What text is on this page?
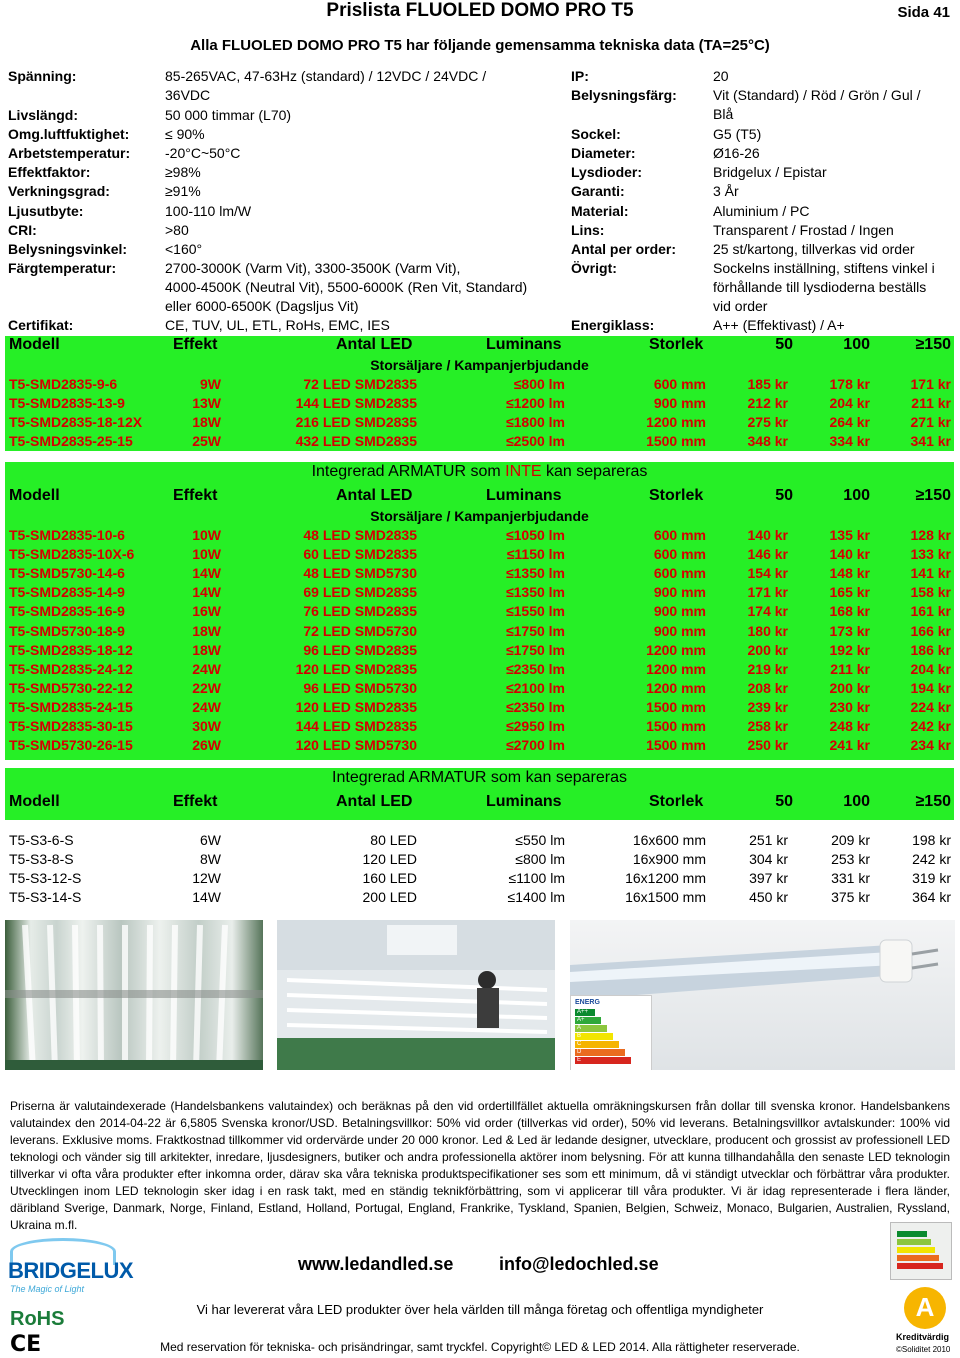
Prislista FLUOLED DOMO PRO T5	Sida 41
Alla FLUOLED DOMO PRO T5 har följande gemensamma tekniska data (TA=25°C)
Spänning:	85-265VAC, 47-63Hz (standard) / 12VDC / 24VDC /
36VDC
Livslängd:	50 000 timmar (L70)
Omg.luftfuktighet:	≤ 90%
Arbetstemperatur: -20°C~50°C
Effektfaktor:	≥98%
Verkningsgrad:	≥91%
Ljusutbyte:	100-110 lm/W
CRI:	>80
Belysningsvinkel:	<160°
Färgtemperatur:	2700-3000K (Varm Vit), 3300-3500K (Varm Vit),
4000-4500K (Neutral Vit), 5500-6000K (Ren Vit, Standard)
eller 6000-6500K (Dagsljus Vit)
Certifikat:	CE, TUV, UL, ETL, RoHs, EMC, IES
IP:	20
Belysningsfärg:	Vit (Standard) / Röd / Grön / Gul /
Blå
Sockel:	G5 (T5)
Diameter:	Ø16-26
Lysdioder:	Bridgelux / Epistar
Garanti:	3 År
Material:	Aluminium / PC
Lins:	Transparent / Frostad / Ingen
Antal per order:	25 st/kartong, tillverkas vid order
Övrigt:	Sockelns inställning, stiftens vinkel i
förhållande till lysdioderna beställs
vid order
Energiklass:	A++ (Effektivast) / A+
Modell	Effekt	Antal LED	Luminans	Storlek	50	100	≥ 150
Storsäljare / Kampanjerbjudande
T5-SMD2835-9-6	9W	72 LED SMD2835	≤ 800 lm	600 mm	185 kr	178 kr	171 kr
T5-SMD2835-13-9	13W	144 LED SMD2835	≤ 1200 lm	900 mm	212 kr	204 kr	211 kr
T5-SMD2835-18-12X	18W	216 LED SMD2835	≤ 1800 lm	1200 mm	275 kr	264 kr	271 kr
T5-SMD2835-25-15	25W	432 LED SMD2835	≤ 2500 lm	1500 mm	348 kr	334 kr	341 kr
Integrerad ARMATUR som INTE kan separeras
Modell	Effekt	Antal LED	Luminans	Storlek	50	100	≥ 150
Storsäljare / Kampanjerbjudande
T5-SMD2835-10-6	10W	48 LED SMD2835	≤ 1050 lm	600 mm	140 kr	135 kr	128 kr
T5-SMD2835-10X-6	10W	60 LED SMD2835	≤ 1150 lm	600 mm	146 kr	140 kr	133 kr
T5-SMD5730-14-6	14W	48 LED SMD5730	≤ 1350 lm	600 mm	154 kr	148 kr	141 kr
T5-SMD2835-14-9	14W	69 LED SMD2835	≤ 1350 lm	900 mm	171 kr	165 kr	158 kr
T5-SMD2835-16-9	16W	76 LED SMD2835	≤ 1550 lm	900 mm	174 kr	168 kr	161 kr
T5-SMD5730-18-9	18W	72 LED SMD5730	≤ 1750 lm	900 mm	180 kr	173 kr	166 kr
T5-SMD2835-18-12	18W	96 LED SMD2835	≤ 1750 lm	1200 mm	200 kr	192 kr	186 kr
T5-SMD2835-24-12	24W	120 LED SMD2835	≤ 2350 lm	1200 mm	219 kr	211 kr	204 kr
T5-SMD5730-22-12	22W	96 LED SMD5730	≤ 2100 lm	1200 mm	208 kr	200 kr	194 kr
T5-SMD2835-24-15	24W	120 LED SMD2835	≤ 2350 lm	1500 mm	239 kr	230 kr	224 kr
T5-SMD2835-30-15	30W	144 LED SMD2835	≤ 2950 lm	1500 mm	258 kr	248 kr	242 kr
T5-SMD5730-26-15	26W	120 LED SMD5730	≤ 2700 lm	1500 mm	250 kr	241 kr	234 kr
Integrerad ARMATUR som kan separeras
Modell	Effekt	Antal LED	Luminans	Storlek	50	100	≥ 150
T5-S3-6-S	6W	80 LED	≤ 550 lm	16x600 mm	251 kr	209 kr	198 kr
T5-S3-8-S	8W	120 LED	≤ 800 lm	16x900 mm	304 kr	253 kr	242 kr
T5-S3-12-S	12W	160 LED	≤ 1100 lm	16x1200 mm	397 kr	331 kr	319 kr
T5-S3-14-S	14W	200 LED	≤ 1400 lm	16x1500 mm	450 kr	375 kr	364 kr
ENERG
A++
A+
A
B
C
D
E
Priserna är valutaindexerade (Handelsbankens valutaindex) och beräknas på den vid ordertillfället aktuella omräkningskursen från dollar till svenska kronor. Handelsbankens valutaindex den 2014-04-22 är 6,5805 Svenska kronor/USD. Betalningsvillkor: 50% vid order (tillverkas vid order), 50% vid leverans. Betalningsvillkor avtalskunder: 100% vid leverans. Exklusive moms. Fraktkostnad tillkommer vid ordervärde under 20 000 kronor. Led & Led är ledande designer, utvecklare, producent och grossist av professionell LED teknologi och vänder sig till arkitekter, inredare, ljusdesigners, butiker och andra professionella aktörer inom belysning. För att kunna tillhandahålla den senaste LED teknologin tillverkar vi ofta våra produkter efter inkomna order, därav ska våra tekniska produktspecifikationer ses som ett minimum, då vi ständigt utvecklar och förbättrar våra produkter. Utvecklingen inom LED teknologin sker idag i en rask takt, med en ständig teknikförbättring, som vi applicerar till våra produkter. Vi är idag representerade i flera länder, däribland Sverige, Danmark, Norge, Finland, Estland, Holland, Portugal, England, Frankrike, Tyskland, Spanien, Belgien, Schweiz, Monaco, Bulgarien, Australien, Ryssland, Ukraina m.fl.
BRIDGELUX
The Magic of Light
RoHS
CE
www.ledandled.se	info@ledochled.se
Vi har levererat våra LED produkter över hela världen till många företag och offentliga myndigheter
Med reservation för tekniska- och prisändringar, samt tryckfel. Copyright© LED & LED 2014. Alla rättigheter reserverade.
A
Kreditvärdig
©Soliditet 2010
